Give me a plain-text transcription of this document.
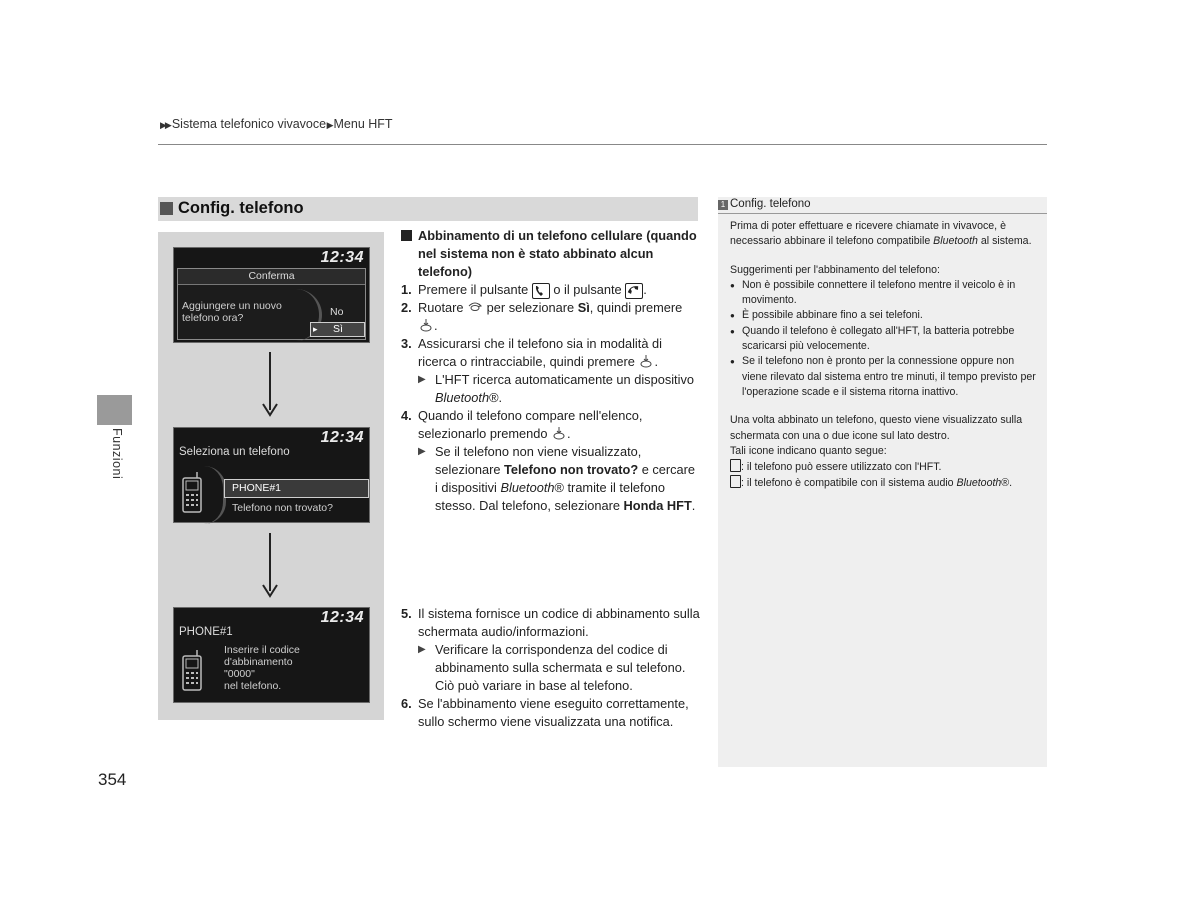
▶▶ Sistema telefonico vivavoce ▶ Menu HFT
Funzioni
Config. telefono
12:34
Conferma
Aggiungere un nuovo
telefono ora?	No
▸ Sì
12:34
Seleziona un telefono
PHONE#1
Telefono non trovato?
12:34
PHONE#1
Inserire il codice
d'abbinamento
"0000"
nel telefono.
Abbinamento di un telefono cellulare (quando nel sistema non è stato abbinato alcun telefono)
1. Premere il pulsante  o il pulsante .
2. Ruotare  per selezionare Sì, quindi premere .
3. Assicurarsi che il telefono sia in modalità di ricerca o rintracciabile, quindi premere .
▶ L'HFT ricerca automaticamente un dispositivo Bluetooth®.
4. Quando il telefono compare nell'elenco, selezionarlo premendo .
▶ Se il telefono non viene visualizzato, selezionare Telefono non trovato? e cercare i dispositivi Bluetooth® tramite il telefono stesso. Dal telefono, selezionare Honda HFT.
5. Il sistema fornisce un codice di abbinamento sulla schermata audio/informazioni.
▶ Verificare la corrispondenza del codice di abbinamento sulla schermata e sul telefono. Ciò può variare in base al telefono.
6. Se l'abbinamento viene eseguito correttamente, sullo schermo viene visualizzata una notifica.
1 Config. telefono

Prima di poter effettuare e ricevere chiamate in vivavoce, è necessario abbinare il telefono compatibile Bluetooth al sistema.

Suggerimenti per l'abbinamento del telefono:

● Non è possibile connettere il telefono mentre il veicolo è in movimento.
● È possibile abbinare fino a sei telefoni.
● Quando il telefono è collegato all'HFT, la batteria potrebbe scaricarsi più velocemente.
● Se il telefono non è pronto per la connessione oppure non viene rilevato dal sistema entro tre minuti, il tempo previsto per l'operazione scade e il sistema ritorna inattivo.

Una volta abbinato un telefono, questo viene visualizzato sulla schermata con una o due icone sul lato destro.

Tali icone indicano quanto segue:

: il telefono può essere utilizzato con l'HFT.

: il telefono è compatibile con il sistema audio Bluetooth®.

354
